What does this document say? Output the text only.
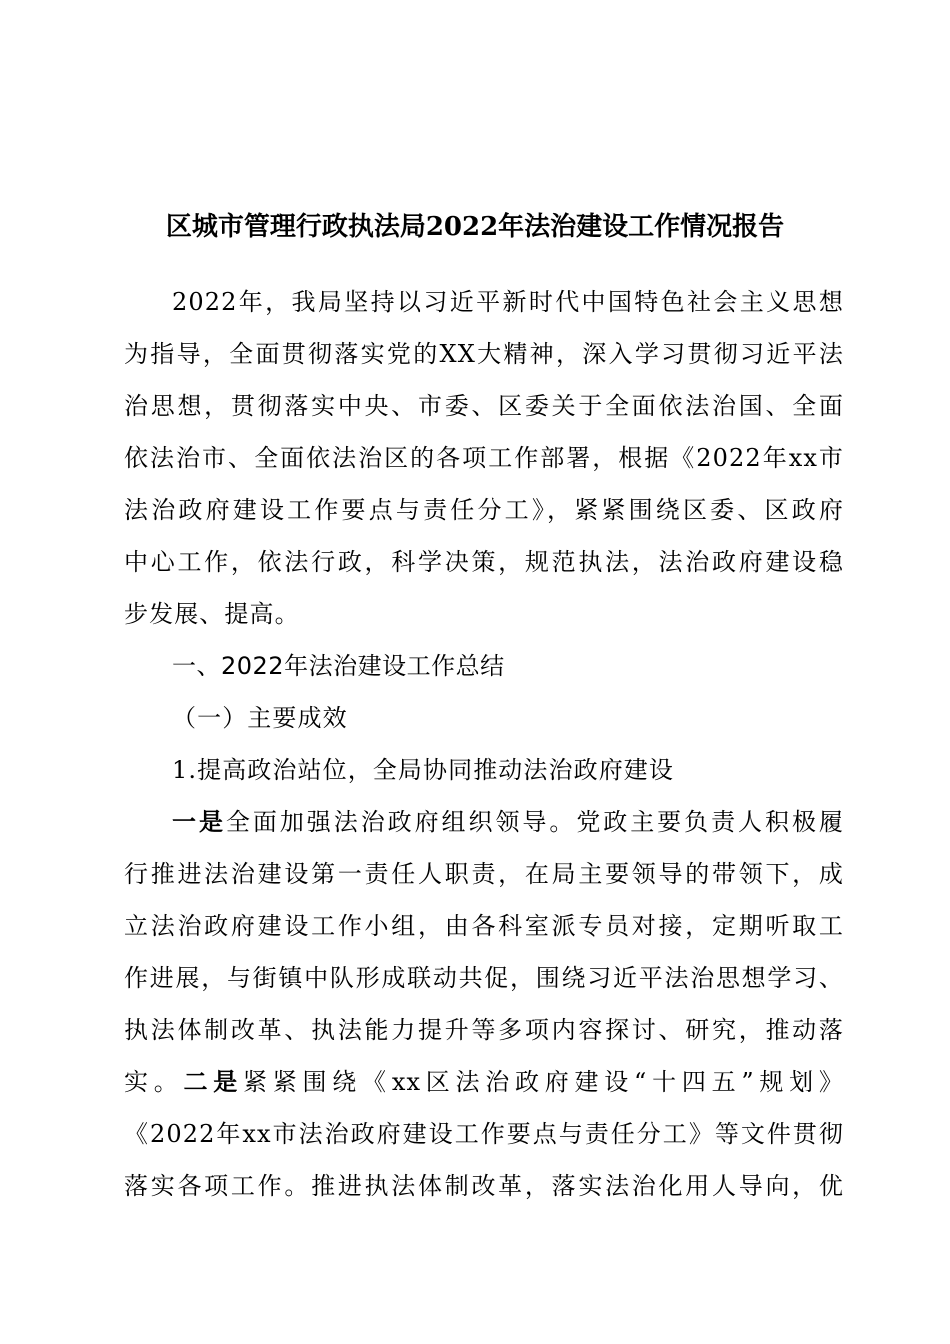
区城市管理行政执法局2022年法治建设工作情况报告
2022年，我局坚持以习近平新时代中国特色社会主义思想
为指导，全面贯彻落实党的XX大精神，深入学习贯彻习近平法
治思想，贯彻落实中央、市委、区委关于全面依法治国、全面
依法治市、全面依法治区的各项工作部署，根据《2022年xx市
法治政府建设工作要点与责任分工》，紧紧围绕区委、区政府
中心工作，依法行政，科学决策，规范执法，法治政府建设稳
步发展、提高。
一、2022年法治建设工作总结
（一）主要成效
1.提高政治站位，全局协同推动法治政府建设
一是全面加强法治政府组织领导。党政主要负责人积极履
行推进法治建设第一责任人职责，在局主要领导的带领下，成
立法治政府建设工作小组，由各科室派专员对接，定期听取工
作进展，与街镇中队形成联动共促，围绕习近平法治思想学习、
执法体制改革、执法能力提升等多项内容探讨、研究，推动落
实。二是紧紧围绕《xx区法治政府建设“十四五”规划》
《2022年xx市法治政府建设工作要点与责任分工》等文件贯彻
落实各项工作。推进执法体制改革，落实法治化用人导向，优
